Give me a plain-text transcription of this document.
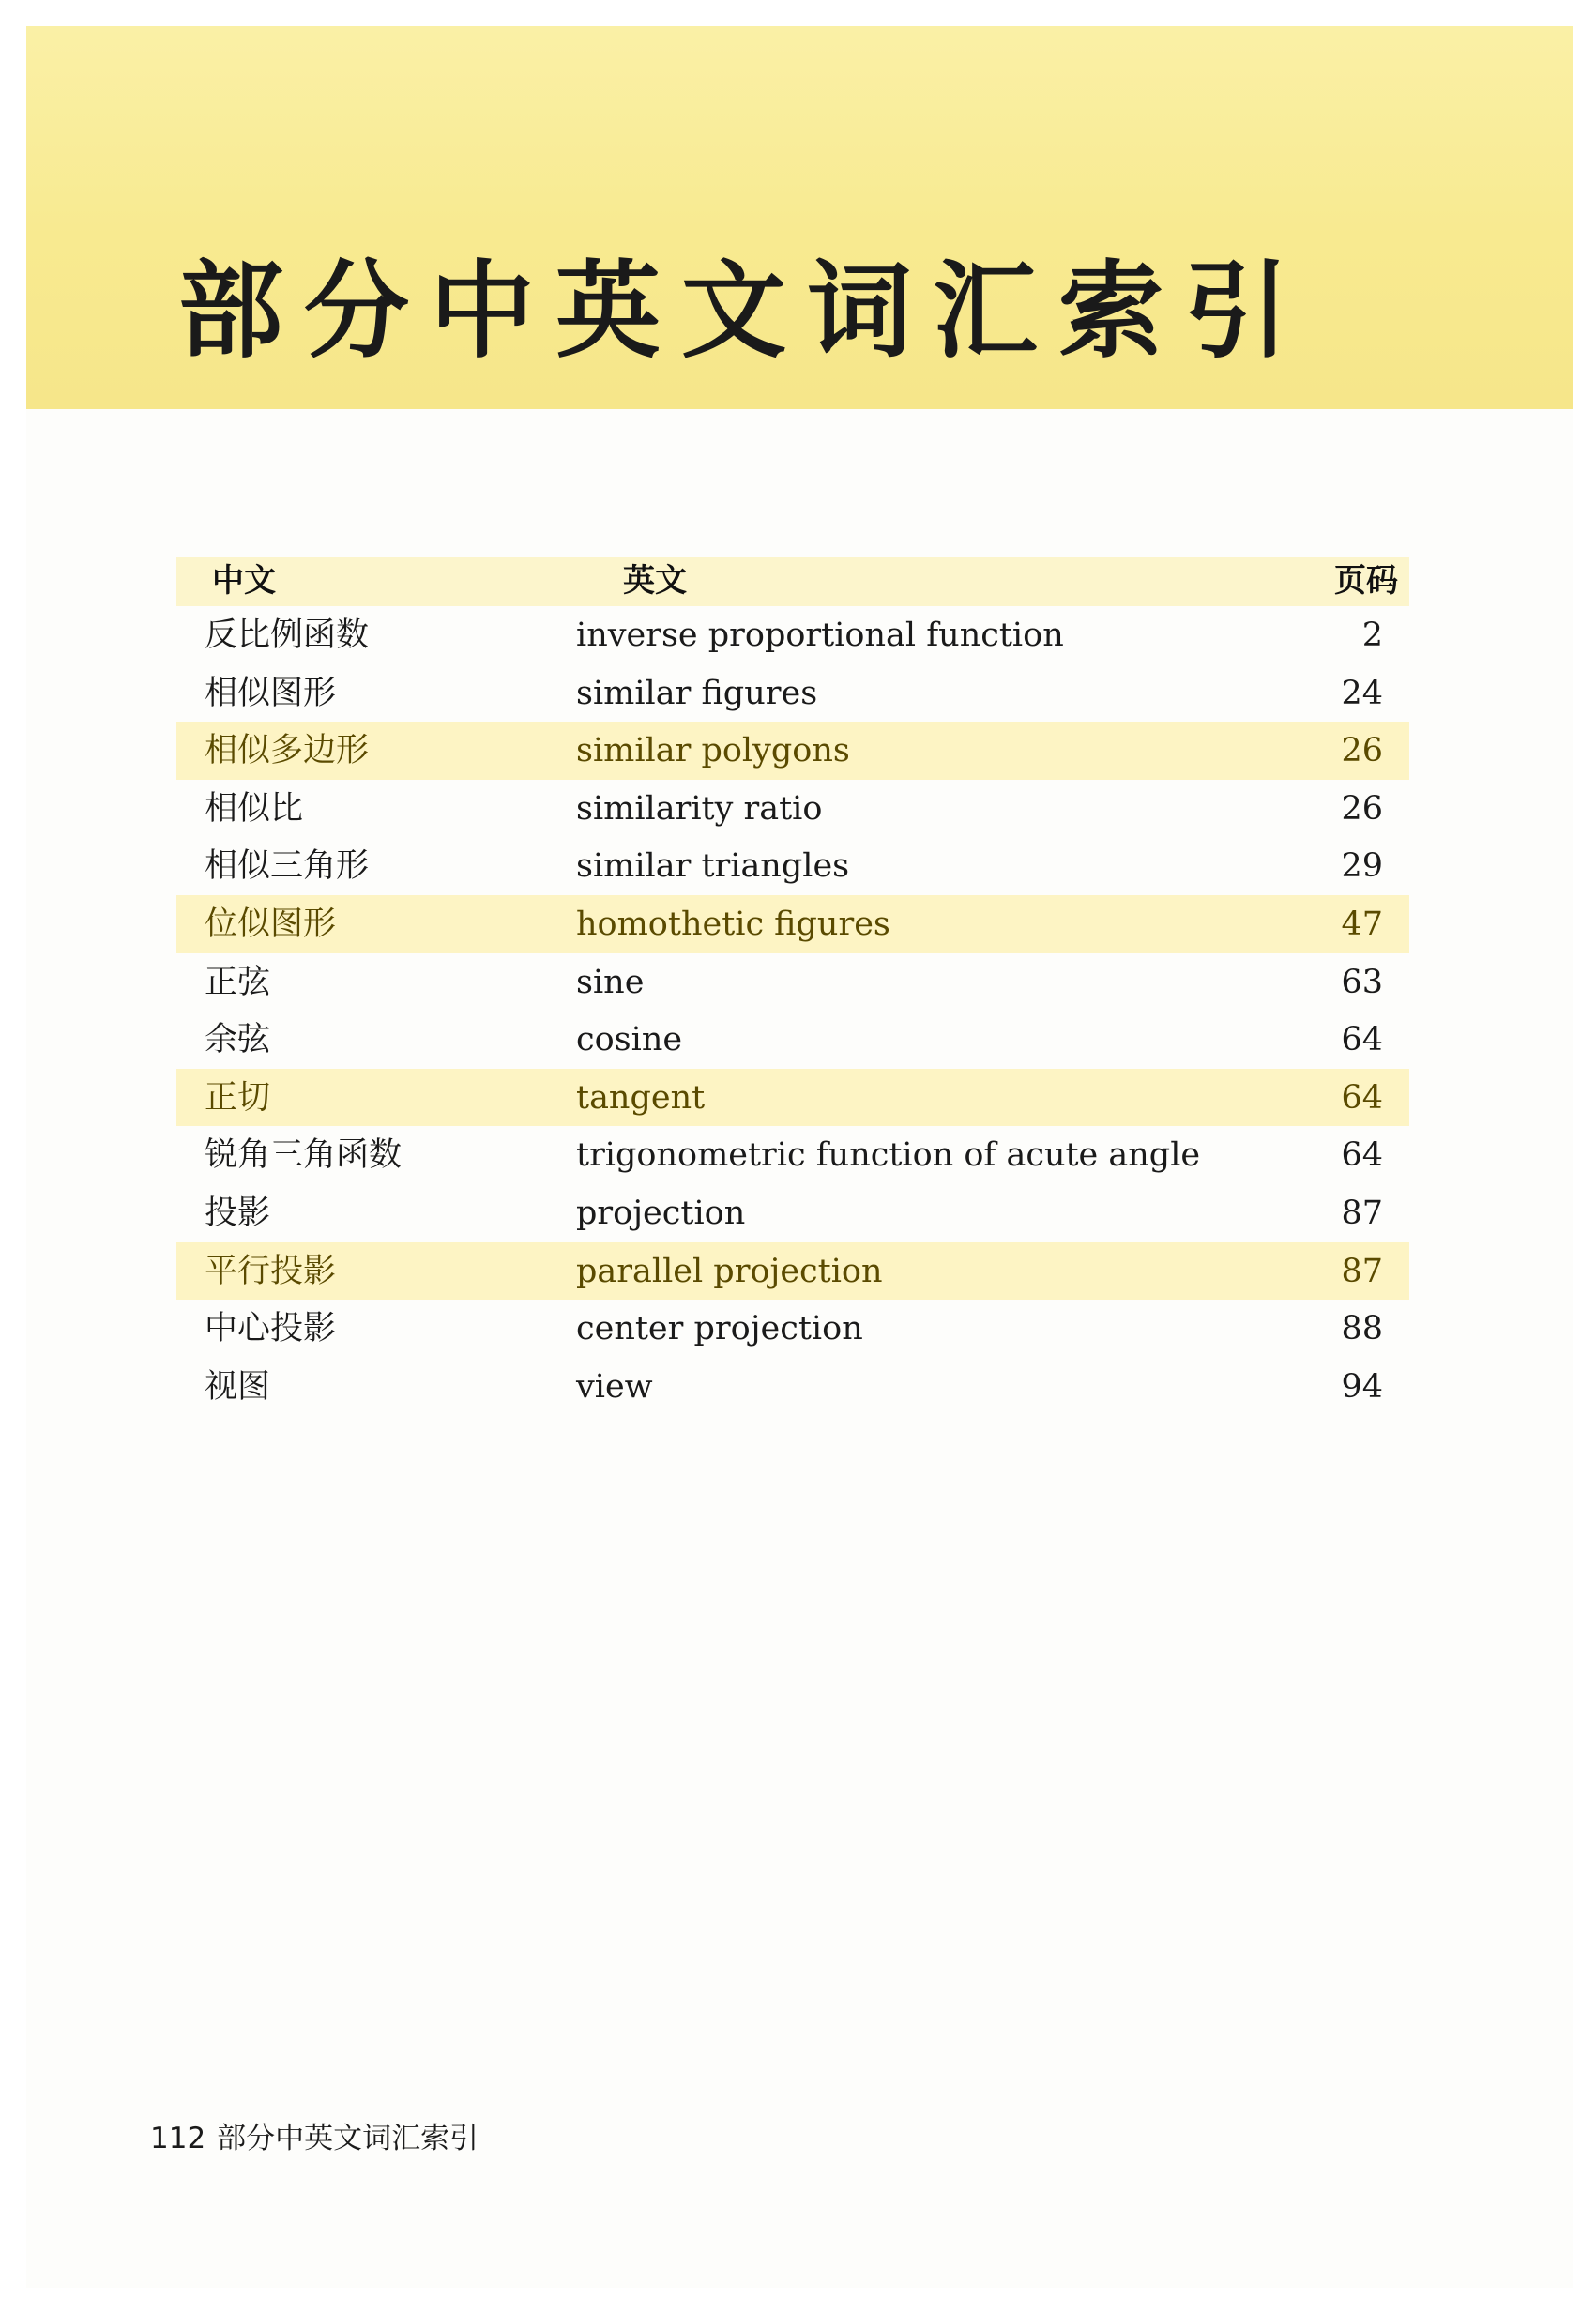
部分中英文词汇索引
中文	英文	页码
反比例函数	inverse proportional function	2
相似图形	similar figures	24
相似多边形	similar polygons	26
相似比	similarity ratio	26
相似三角形	similar triangles	29
位似图形	homothetic figures	47
正弦	sine	63
余弦	cosine	64
正切	tangent	64
锐角三角函数	trigonometric function of acute angle	64
投影	projection	87
平行投影	parallel projection	87
中心投影	center projection	88
视图	view	94
112 部分中英文词汇索引
